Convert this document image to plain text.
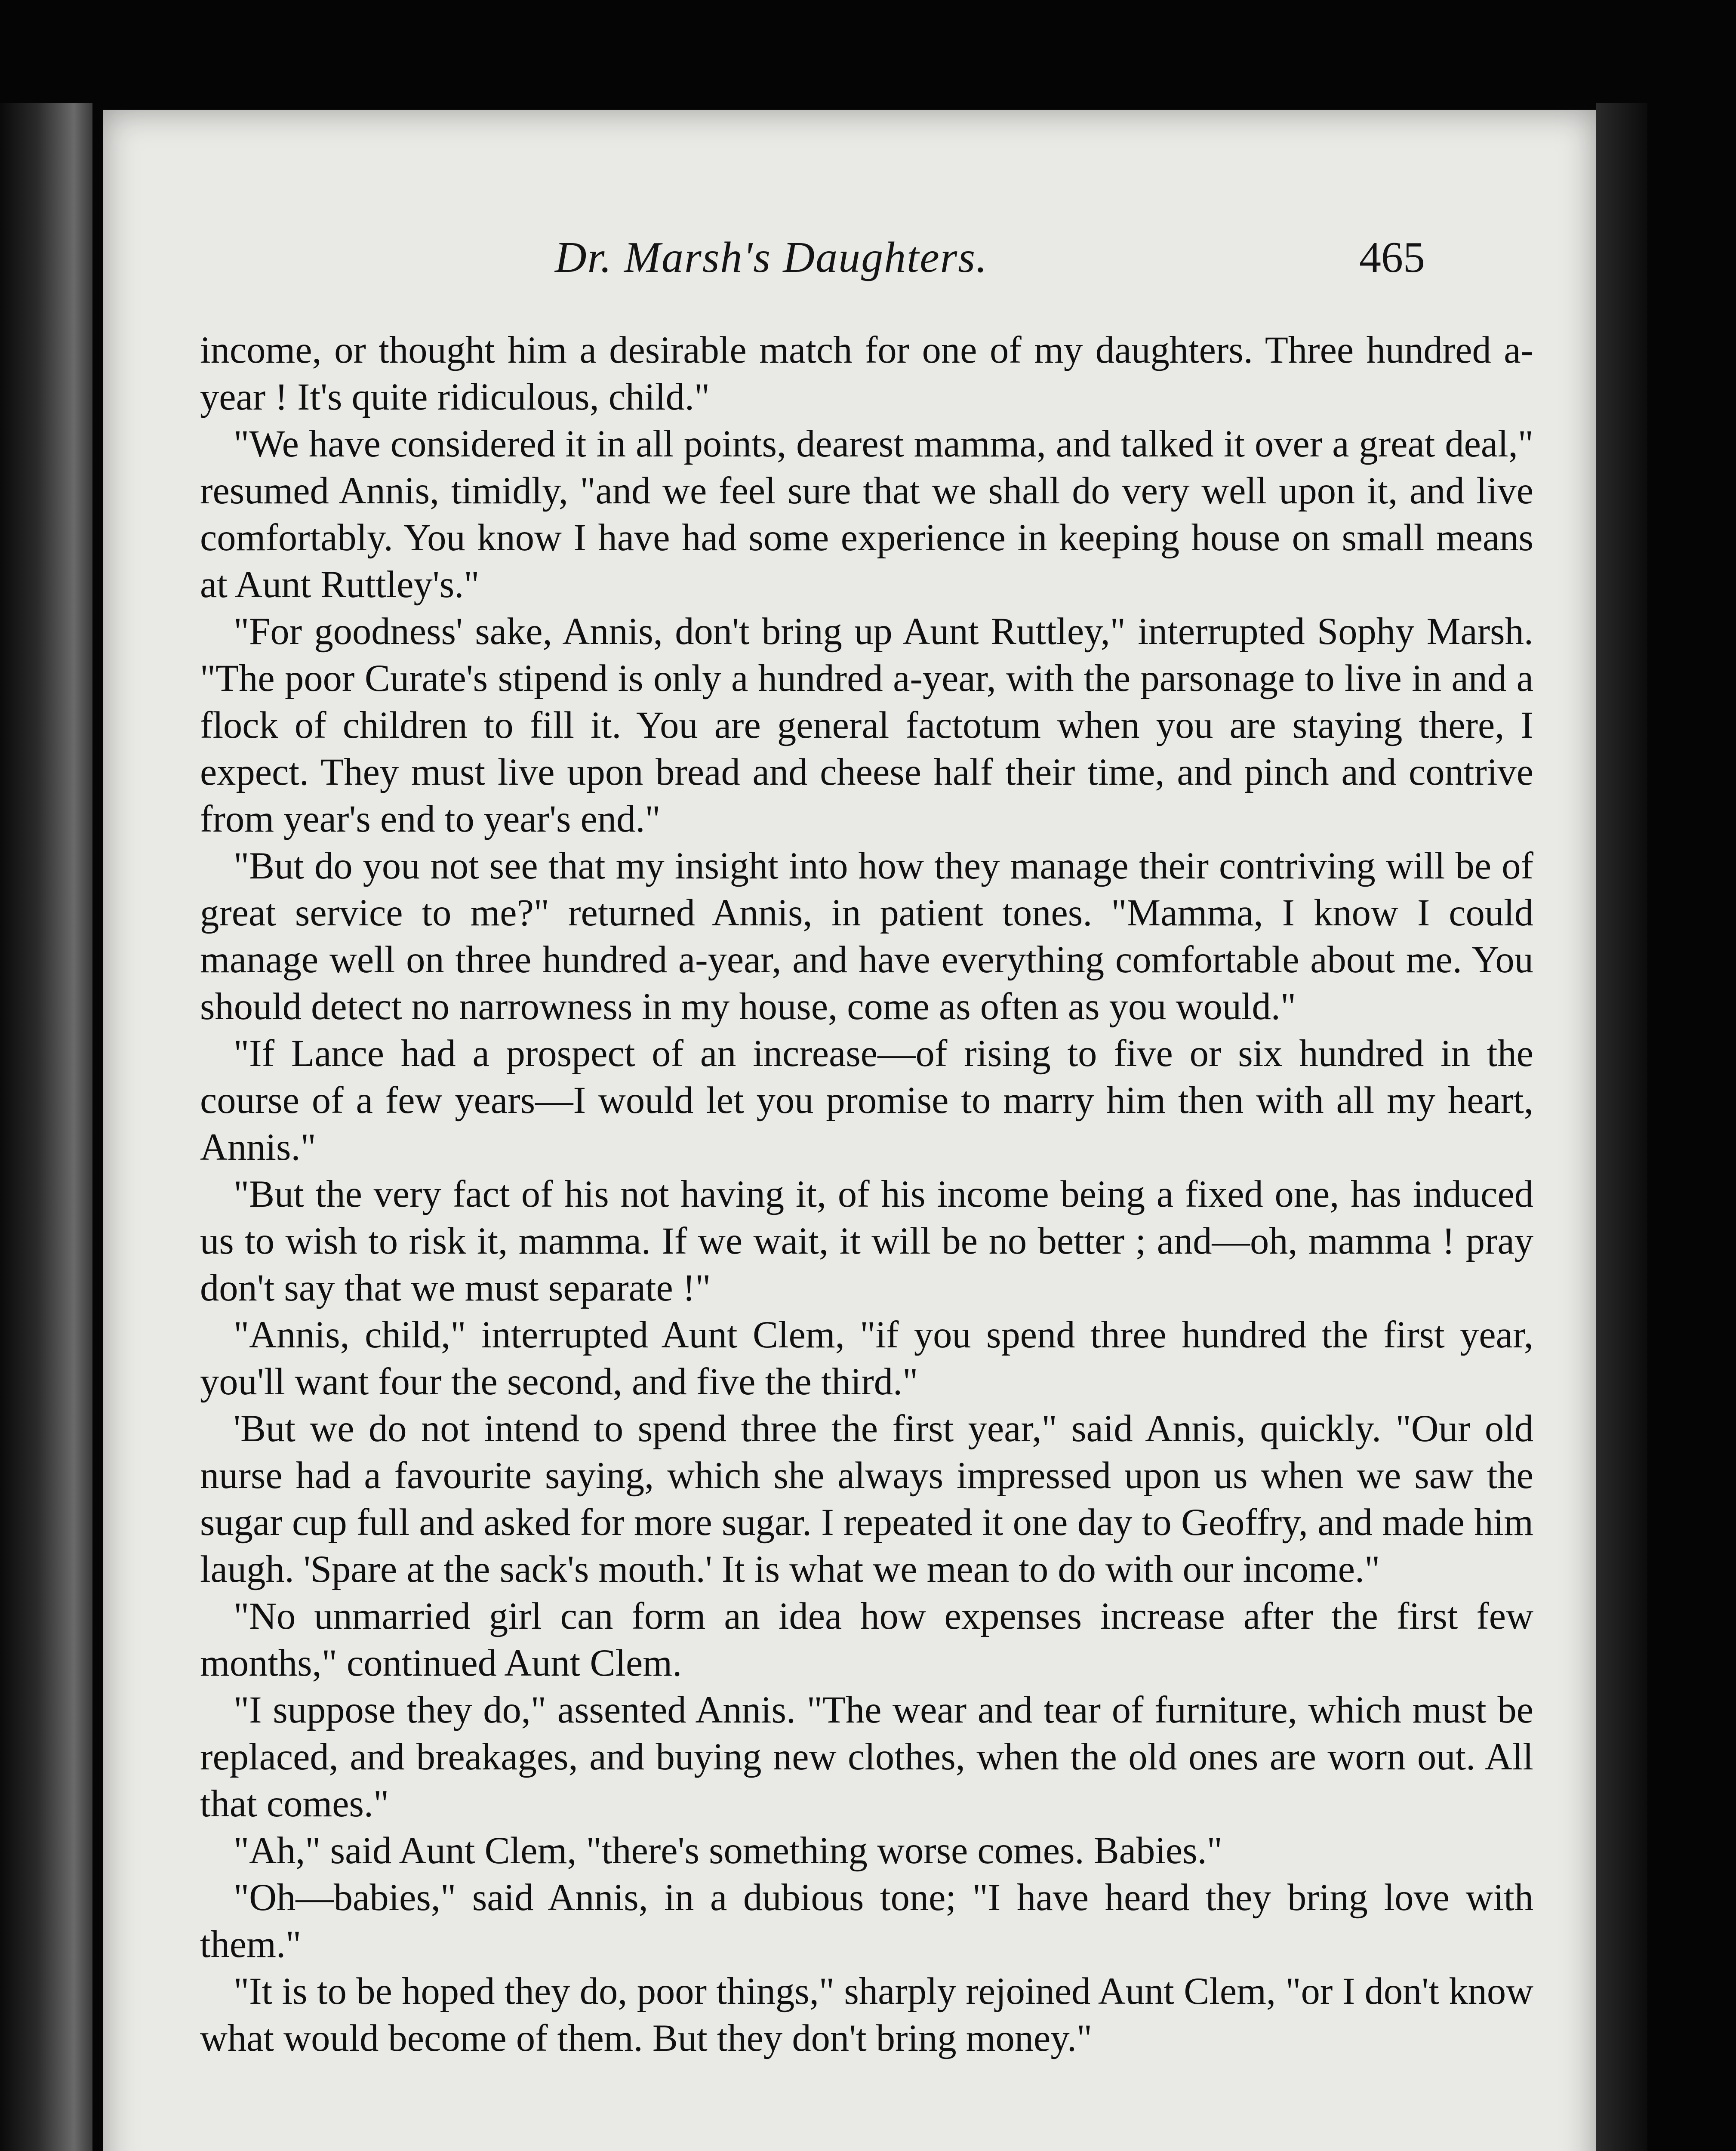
Dr. Marsh's Daughters.	465

income, or thought him a desirable match for one of my daughters. Three hundred a-year ! It's quite ridiculous, child."

"We have considered it in all points, dearest mamma, and talked it over a great deal," resumed Annis, timidly, "and we feel sure that we shall do very well upon it, and live comfortably. You know I have had some experience in keeping house on small means at Aunt Ruttley's."

"For goodness' sake, Annis, don't bring up Aunt Ruttley," interrupted Sophy Marsh. "The poor Curate's stipend is only a hundred a-year, with the parsonage to live in and a flock of children to fill it. You are general factotum when you are staying there, I expect. They must live upon bread and cheese half their time, and pinch and contrive from year's end to year's end."

"But do you not see that my insight into how they manage their contriving will be of great service to me?" returned Annis, in patient tones. "Mamma, I know I could manage well on three hundred a-year, and have everything comfortable about me. You should detect no narrowness in my house, come as often as you would."

"If Lance had a prospect of an increase—of rising to five or six hundred in the course of a few years—I would let you promise to marry him then with all my heart, Annis."

"But the very fact of his not having it, of his income being a fixed one, has induced us to wish to risk it, mamma. If we wait, it will be no better ; and—oh, mamma ! pray don't say that we must separate !"

"Annis, child," interrupted Aunt Clem, "if you spend three hundred the first year, you'll want four the second, and five the third."

'But we do not intend to spend three the first year," said Annis, quickly. "Our old nurse had a favourite saying, which she always impressed upon us when we saw the sugar cup full and asked for more sugar. I repeated it one day to Geoffry, and made him laugh. 'Spare at the sack's mouth.' It is what we mean to do with our income."

"No unmarried girl can form an idea how expenses increase after the first few months," continued Aunt Clem.

"I suppose they do," assented Annis. "The wear and tear of furniture, which must be replaced, and breakages, and buying new clothes, when the old ones are worn out. All that comes."

"Ah," said Aunt Clem, "there's something worse comes. Babies."

"Oh—babies," said Annis, in a dubious tone; "I have heard they bring love with them."

"It is to be hoped they do, poor things," sharply rejoined Aunt Clem, "or I don't know what would become of them. But they don't bring money."
